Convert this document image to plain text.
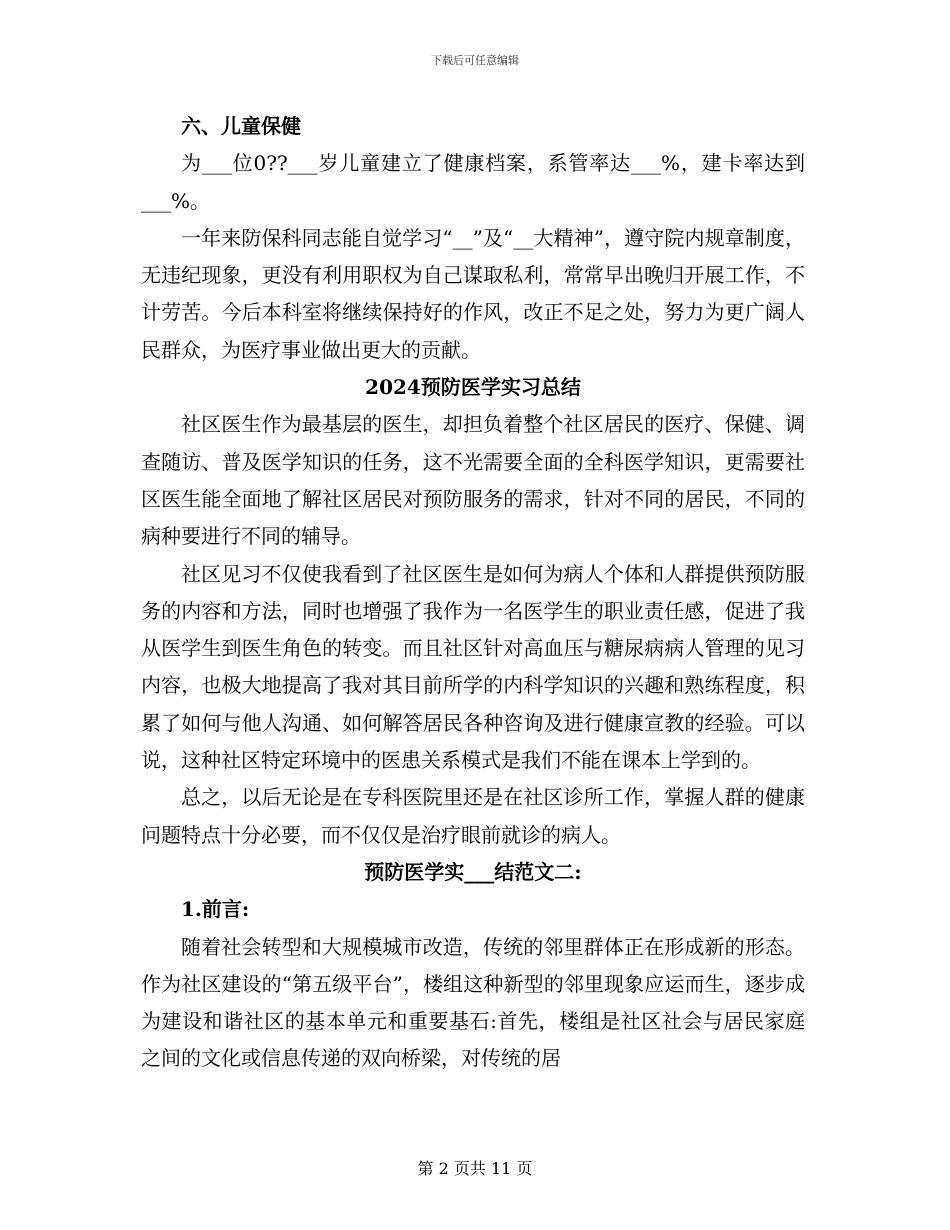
下载后可任意编辑

六、儿童保健

为___位0??___岁儿童建立了健康档案，系管率达___%，建卡率达到___%。

一年来防保科同志能自觉学习“__”及“__大精神”，遵守院内规章制度，无违纪现象，更没有利用职权为自己谋取私利，常常早出晚归开展工作，不计劳苦。今后本科室将继续保持好的作风，改正不足之处，努力为更广阔人民群众，为医疗事业做出更大的贡献。

2024预防医学实习总结

社区医生作为最基层的医生，却担负着整个社区居民的医疗、保健、调查随访、普及医学知识的任务，这不光需要全面的全科医学知识，更需要社区医生能全面地了解社区居民对预防服务的需求，针对不同的居民，不同的病种要进行不同的辅导。

社区见习不仅使我看到了社区医生是如何为病人个体和人群提供预防服务的内容和方法，同时也增强了我作为一名医学生的职业责任感，促进了我从医学生到医生角色的转变。而且社区针对高血压与糖尿病病人管理的见习内容，也极大地提高了我对其目前所学的内科学知识的兴趣和熟练程度，积累了如何与他人沟通、如何解答居民各种咨询及进行健康宣教的经验。可以说，这种社区特定环境中的医患关系模式是我们不能在课本上学到的。

总之，以后无论是在专科医院里还是在社区诊所工作，掌握人群的健康问题特点十分必要，而不仅仅是治疗眼前就诊的病人。

预防医学实___结范文二:

1.前言:

随着社会转型和大规模城市改造，传统的邻里群体正在形成新的形态。作为社区建设的“第五级平台”，楼组这种新型的邻里现象应运而生，逐步成为建设和谐社区的基本单元和重要基石:首先，楼组是社区社会与居民家庭之间的文化或信息传递的双向桥梁，对传统的居

第 2 页共 11 页
